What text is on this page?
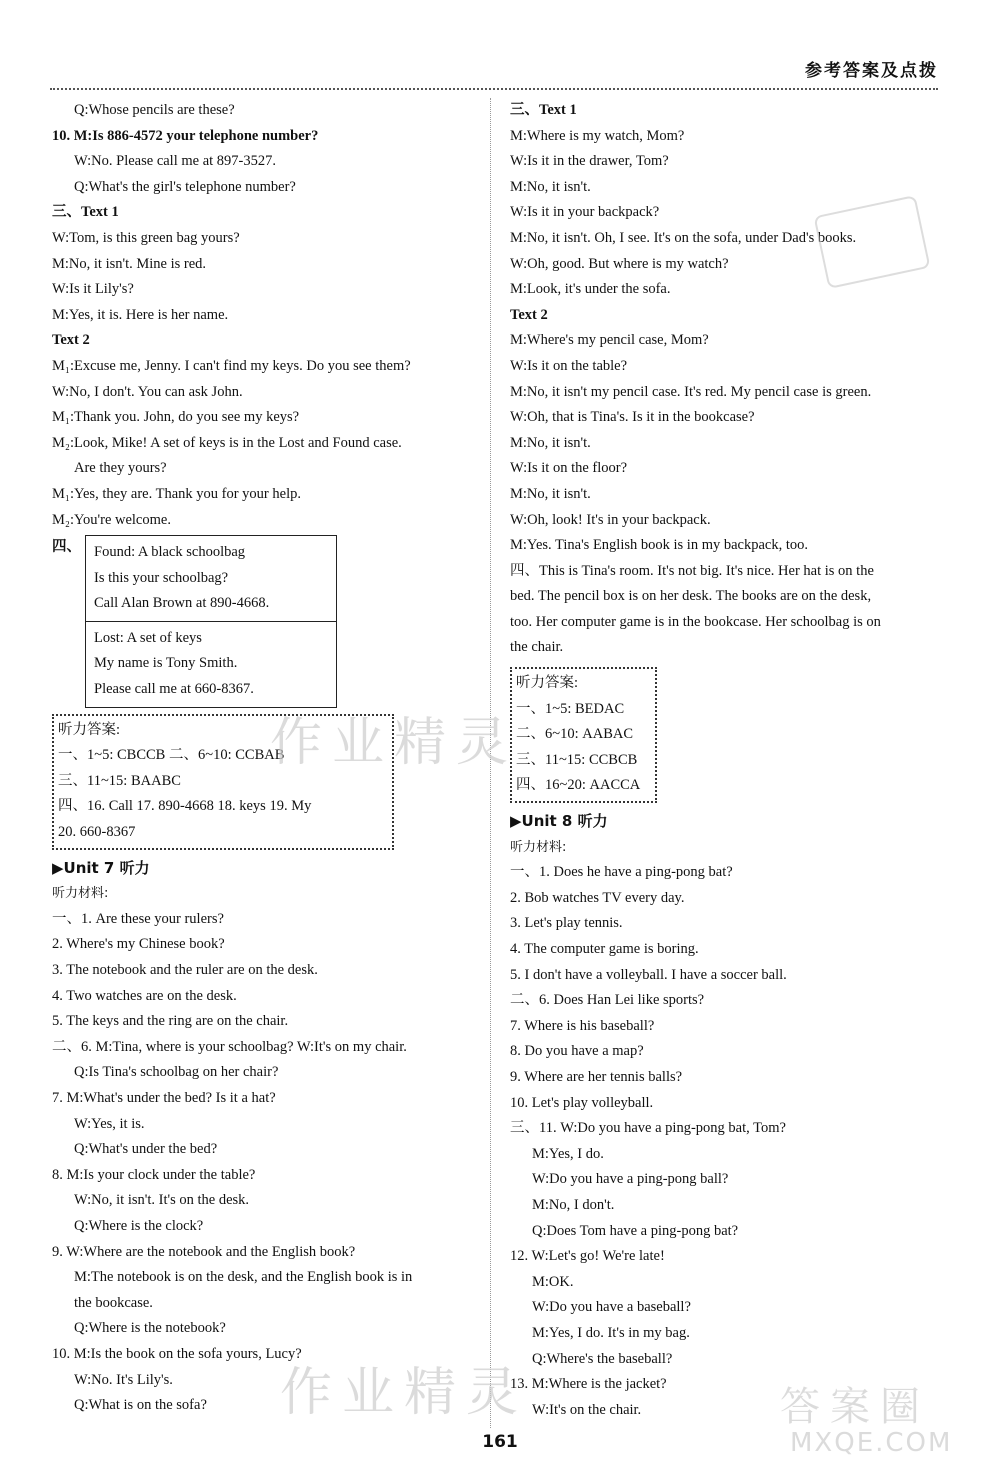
参考答案及点拨
Q:Whose pencils are these?
10. M:Is 886-4572 your telephone number?
W:No. Please call me at 897-3527.
Q:What's the girl's telephone number?
三、Text 1
W:Tom, is this green bag yours?
M:No, it isn't. Mine is red.
W:Is it Lily's?
M:Yes, it is. Here is her name.
Text 2
M₁:Excuse me, Jenny. I can't find my keys. Do you see them?
W:No, I don't. You can ask John.
M₁:Thank you. John, do you see my keys?
M₂:Look, Mike! A set of keys is in the Lost and Found case.
Are they yours?
M₁:Yes, they are. Thank you for your help.
M₂:You're welcome.
四、 Found: A black schoolbag
Is this your schoolbag?
Call Alan Brown at 890-4668.
Lost: A set of keys
My name is Tony Smith.
Please call me at 660-8367.
听力答案:
一、1~5: CBCCB 二、6~10: CCBAB
三、11~15: BAABC
四、16. Call 17. 890-4668 18. keys 19. My
20. 660-8367
▶Unit 7 听力
听力材料:
一、1. Are these your rulers?
2. Where's my Chinese book?
3. The notebook and the ruler are on the desk.
4. Two watches are on the desk.
5. The keys and the ring are on the chair.
二、6. M:Tina, where is your schoolbag? W:It's on my chair.
Q:Is Tina's schoolbag on her chair?
7. M:What's under the bed? Is it a hat?
W:Yes, it is.
Q:What's under the bed?
8. M:Is your clock under the table?
W:No, it isn't. It's on the desk.
Q:Where is the clock?
9. W:Where are the notebook and the English book?
M:The notebook is on the desk, and the English book is in
the bookcase.
Q:Where is the notebook?
10. M:Is the book on the sofa yours, Lucy?
W:No. It's Lily's.
Q:What is on the sofa?
三、Text 1
M:Where is my watch, Mom?
W:Is it in the drawer, Tom?
M:No, it isn't.
W:Is it in your backpack?
M:No, it isn't. Oh, I see. It's on the sofa, under Dad's books.
W:Oh, good. But where is my watch?
M:Look, it's under the sofa.
Text 2
M:Where's my pencil case, Mom?
W:Is it on the table?
M:No, it isn't my pencil case. It's red. My pencil case is green.
W:Oh, that is Tina's. Is it in the bookcase?
M:No, it isn't.
W:Is it on the floor?
M:No, it isn't.
W:Oh, look! It's in your backpack.
M:Yes. Tina's English book is in my backpack, too.
四、This is Tina's room. It's not big. It's nice. Her hat is on the
bed. The pencil box is on her desk. The books are on the desk,
too. Her computer game is in the bookcase. Her schoolbag is on
the chair.
听力答案:
一、1~5: BEDAC
二、6~10: AABAC
三、11~15: CCBCB
四、16~20: AACCA
▶Unit 8 听力
听力材料:
一、1. Does he have a ping-pong bat?
2. Bob watches TV every day.
3. Let's play tennis.
4. The computer game is boring.
5. I don't have a volleyball. I have a soccer ball.
二、6. Does Han Lei like sports?
7. Where is his baseball?
8. Do you have a map?
9. Where are her tennis balls?
10. Let's play volleyball.
三、11. W:Do you have a ping-pong bat, Tom?
M:Yes, I do.
W:Do you have a ping-pong ball?
M:No, I don't.
Q:Does Tom have a ping-pong bat?
12. W:Let's go! We're late!
M:OK.
W:Do you have a baseball?
M:Yes, I do. It's in my bag.
Q:Where's the baseball?
13. M:Where is the jacket?
W:It's on the chair.
作业精灵
作业精灵	答案圈
MXQE.COM
161
